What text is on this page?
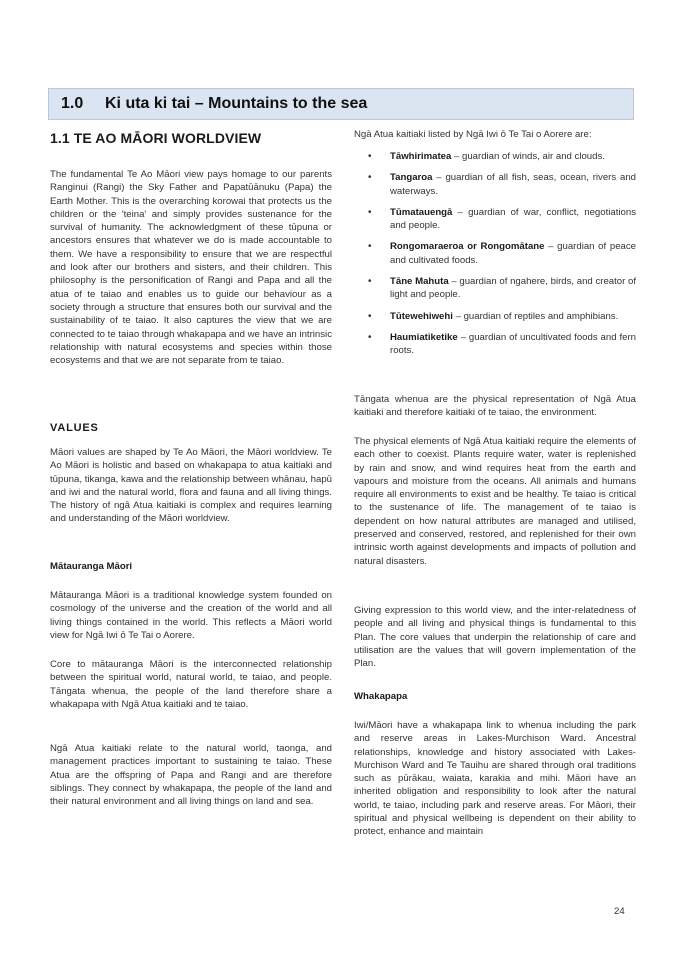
1.0 Ki uta ki tai – Mountains to the sea
1.1 TE AO MĀORI WORLDVIEW

The fundamental Te Ao Māori view pays homage to our parents Ranginui (Rangi) the Sky Father and Papatūānuku (Papa) the Earth Mother. This is the overarching korowai that protects us the children or the 'teina' and simply provides sustenance for the survival of humanity. The acknowledgment of these tūpuna or ancestors ensures that whatever we do is made accountable to them. We have a responsibility to ensure that we are respectful and look after our brothers and sisters, and their children. This philosophy is the personification of Rangi and Papa and all the atua of te taiao and enables us to guide our behaviour as a society through a structure that ensures both our survival and the sustainability of te taiao. It also captures the view that we are connected to te taiao through whakapapa and we have an intrinsic relationship with natural ecosystems and species within those ecosystems and that we are not separate from te taiao.

VALUES

Māori values are shaped by Te Ao Māori, the Māori worldview. Te Ao Māori is holistic and based on whakapapa to atua kaitiaki and tūpuna, tikanga, kawa and the relationship between whānau, hapū and iwi and the natural world, flora and fauna and all living things. The history of ngā Atua kaitiaki is complex and requires learning and understanding of the Māori worldview.

Mātauranga Māori

Mātauranga Māori is a traditional knowledge system founded on cosmology of the universe and the creation of the world and all living things contained in the world. This reflects a Māori world view for Ngā Iwi ō Te Tai o Aorere.

Core to mātauranga Māori is the interconnected relationship between the spiritual world, natural world, te taiao, and people. Tāngata whenua, the people of the land therefore share a whakapapa with Ngā Atua kaitiaki and te taiao.

Ngā Atua kaitiaki relate to the natural world, taonga, and management practices important to sustaining te taiao. These Atua are the offspring of Papa and Rangi and are therefore siblings. They connect by whakapapa, the people of the land and their natural environment and all living things on land and sea.

Ngā Atua kaitiaki listed by Ngā Iwi ō Te Tai o Aorere are:

• Tāwhirimatea – guardian of winds, air and clouds.
• Tangaroa – guardian of all fish, seas, ocean, rivers and waterways.
• Tūmatauengā – guardian of war, conflict, negotiations and people.
• Rongomaraeroa or Rongomātane – guardian of peace and cultivated foods.
• Tāne Mahuta – guardian of ngahere, birds, and creator of light and people.
• Tūtewehiwehi – guardian of reptiles and amphibians.
• Haumiatiketike – guardian of uncultivated foods and fern roots.

Tāngata whenua are the physical representation of Ngā Atua kaitiaki and therefore kaitiaki of te taiao, the environment.

The physical elements of Ngā Atua kaitiaki require the elements of each other to coexist. Plants require water, water is replenished by rain and snow, and wind requires heat from the earth and vapours and moisture from the oceans. All animals and humans require all environments to exist and be healthy. Te taiao is critical to the sustenance of life. The management of te taiao is dependent on how natural attributes are managed and utilised, preserved and conserved, restored, and replenished for their own intrinsic worth against developments and impacts of pollution and natural disasters.

Giving expression to this world view, and the inter-relatedness of people and all living and physical things is fundamental to this Plan. The core values that underpin the relationship of care and utilisation are the values that will govern implementation of the Plan.

Whakapapa

Iwi/Māori have a whakapapa link to whenua including the park and reserve areas in Lakes-Murchison Ward. Ancestral relationships, knowledge and history associated with Lakes-Murchison Ward and Te Tauihu are shared through oral traditions such as pūrākau, waiata, karakia and mihi. Māori have an inherited obligation and responsibility to look after the natural world, te taiao, including park and reserve areas. For Māori, their spiritual and physical wellbeing is dependent on their ability to protect, enhance and maintain

24
